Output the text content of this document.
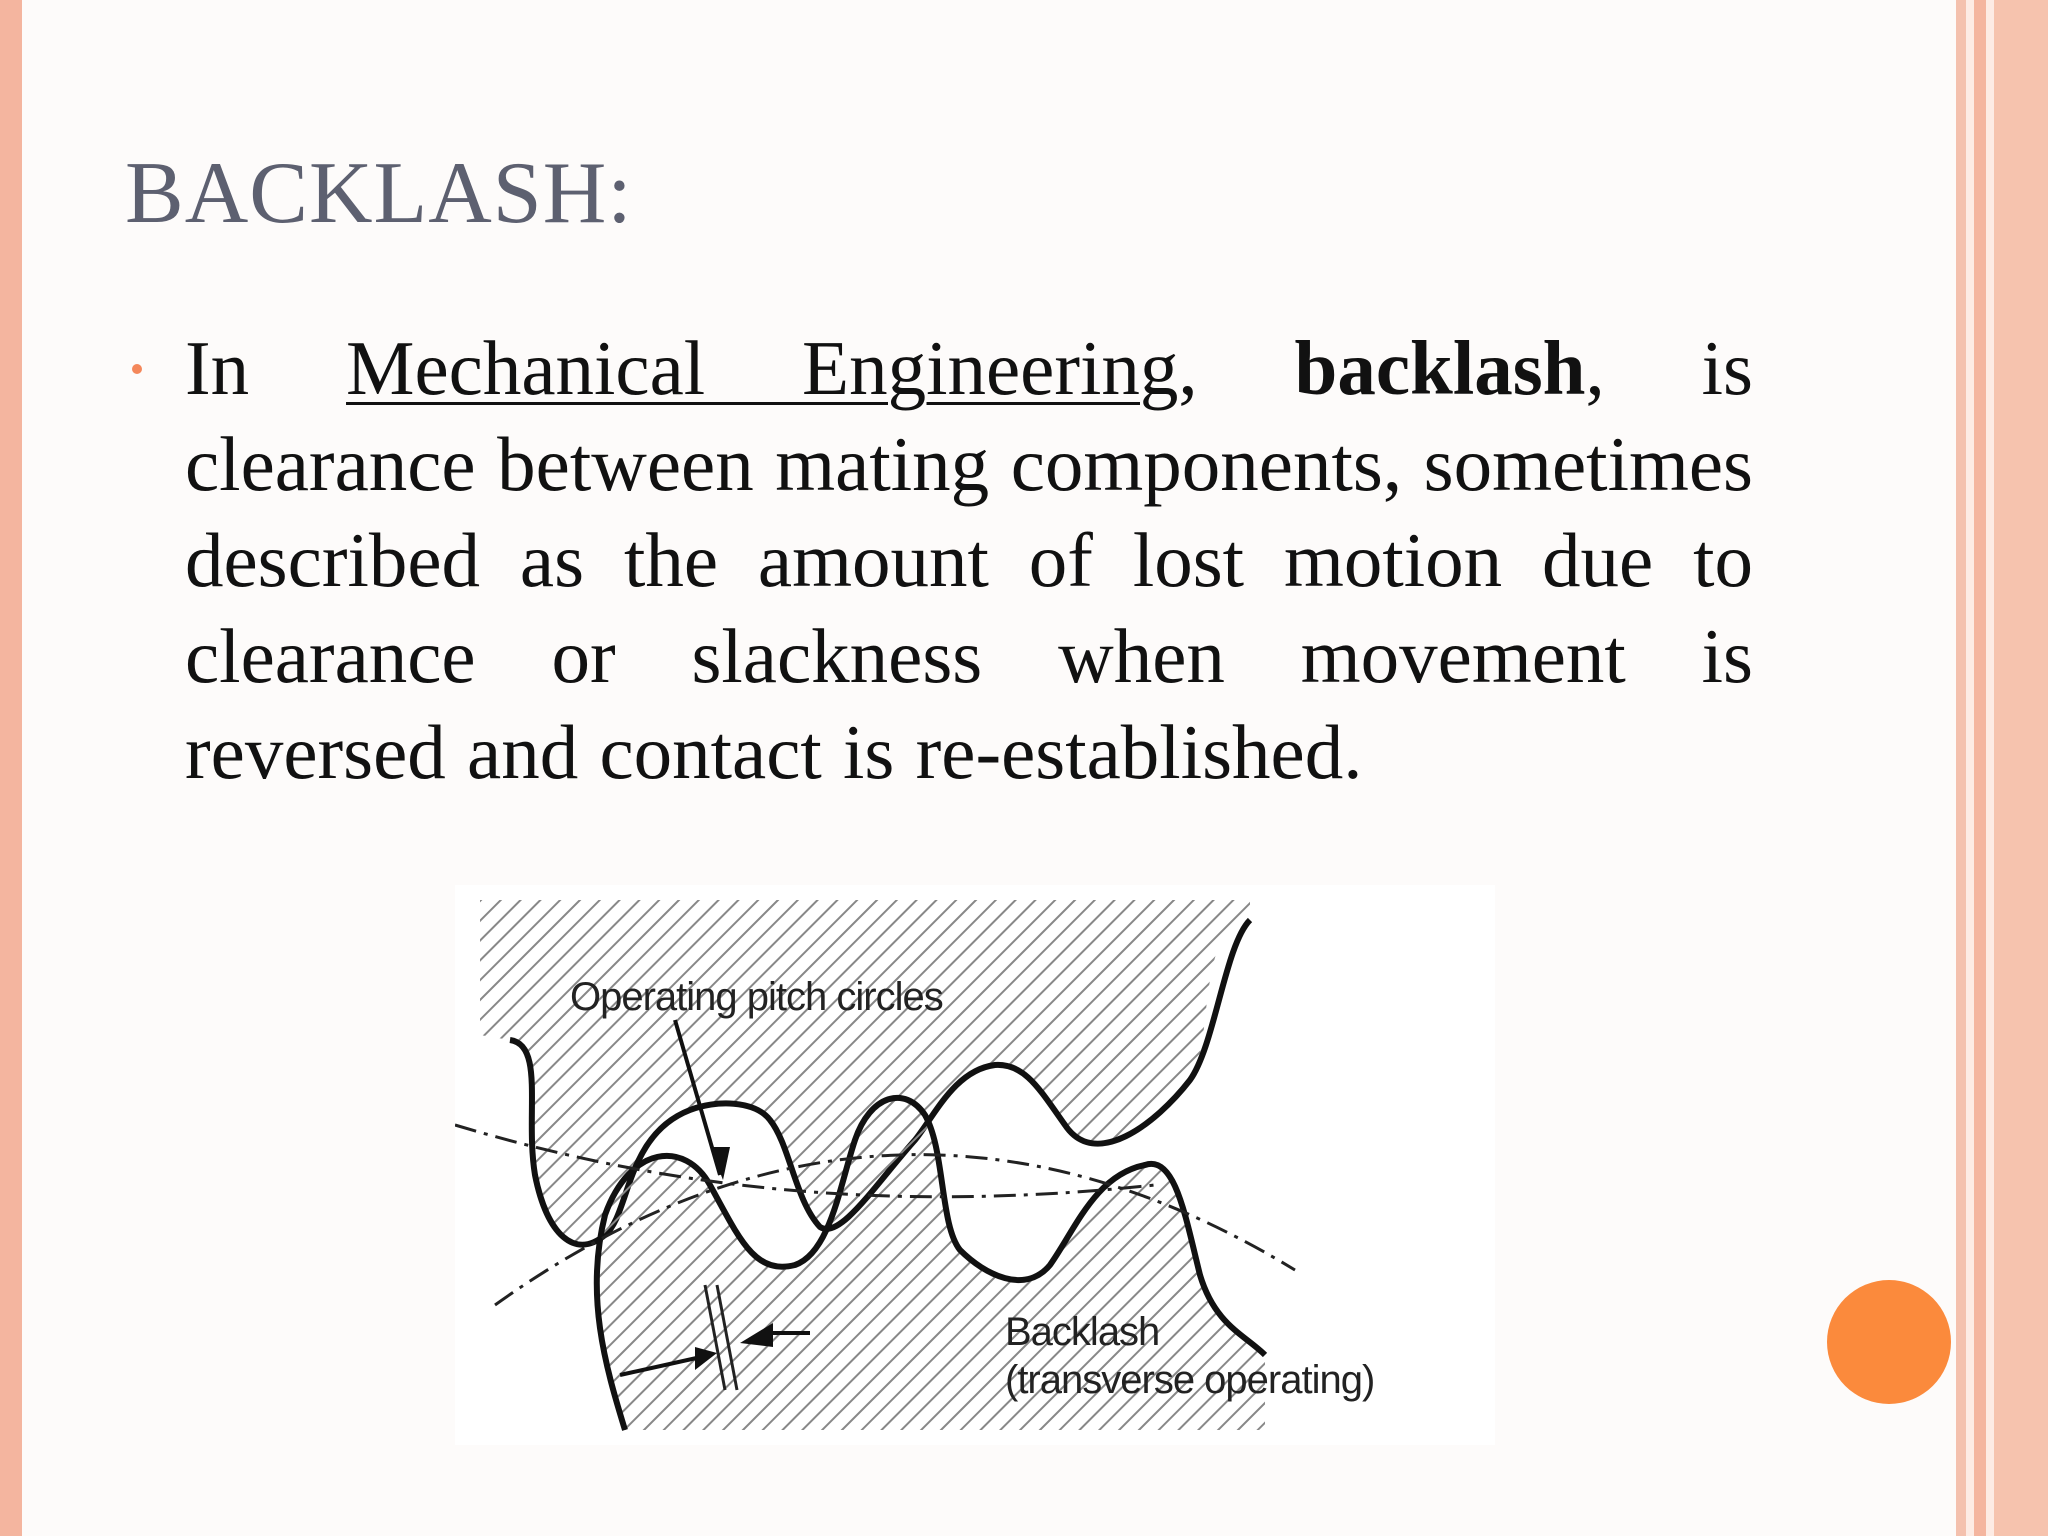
BACKLASH:
In Mechanical Engineering, backlash, is clearance between mating components, sometimes described as the amount of lost motion due to clearance or slackness when movement is reversed and contact is re-established.
Operating pitch circles
Backlash
(transverse operating)
